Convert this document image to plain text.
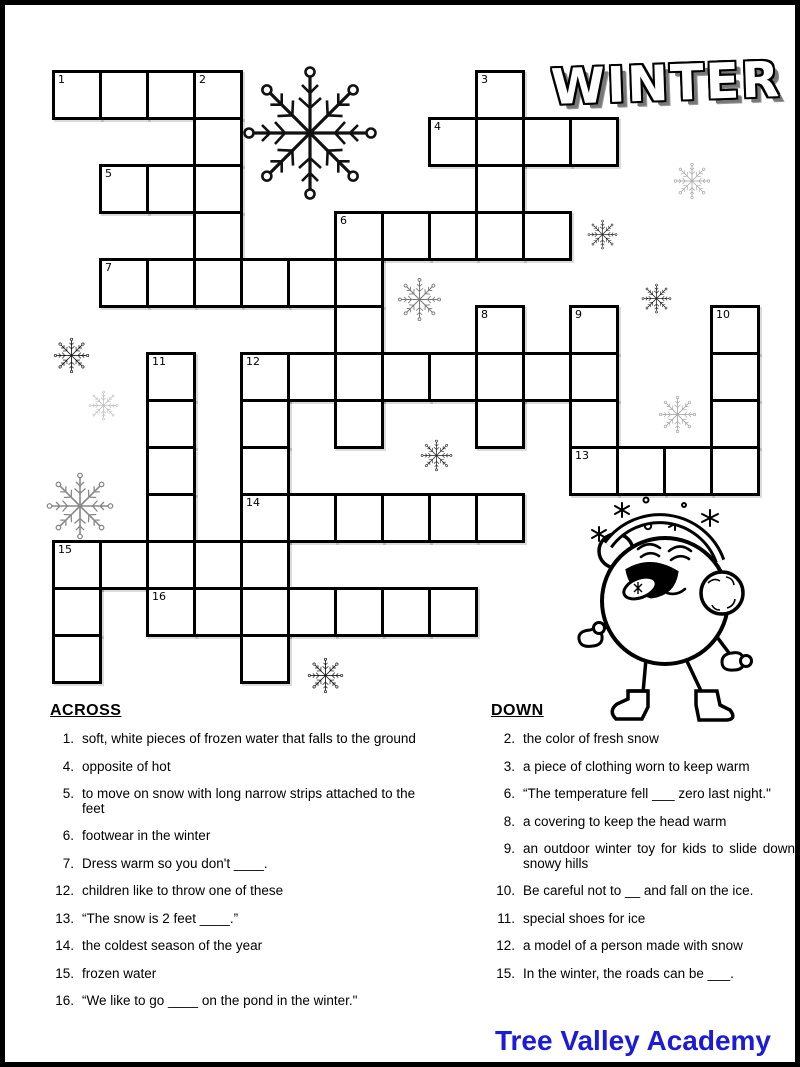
WINTER
1	2	3
4
5
6
7
8	9	10
11	12
13
14
15
16
ACROSS
1. soft, white pieces of frozen water that falls to the ground
4. opposite of hot
5. to move on snow with long narrow strips attached to the feet
6. footwear in the winter
7. Dress warm so you don't ____.
12. children like to throw one of these
13. “The snow is 2 feet ____.”
14. the coldest season of the year
15. frozen water
16. “We like to go ____ on the pond in the winter."
DOWN
2. the color of fresh snow
3. a piece of clothing worn to keep warm
6. “The temperature fell ___ zero last night."
8. a covering to keep the head warm
9. an outdoor winter toy for kids to slide down snowy hills
10. Be careful not to __ and fall on the ice.
11. special shoes for ice
12. a model of a person made with snow
15. In the winter, the roads can be ___.
Tree Valley Academy
